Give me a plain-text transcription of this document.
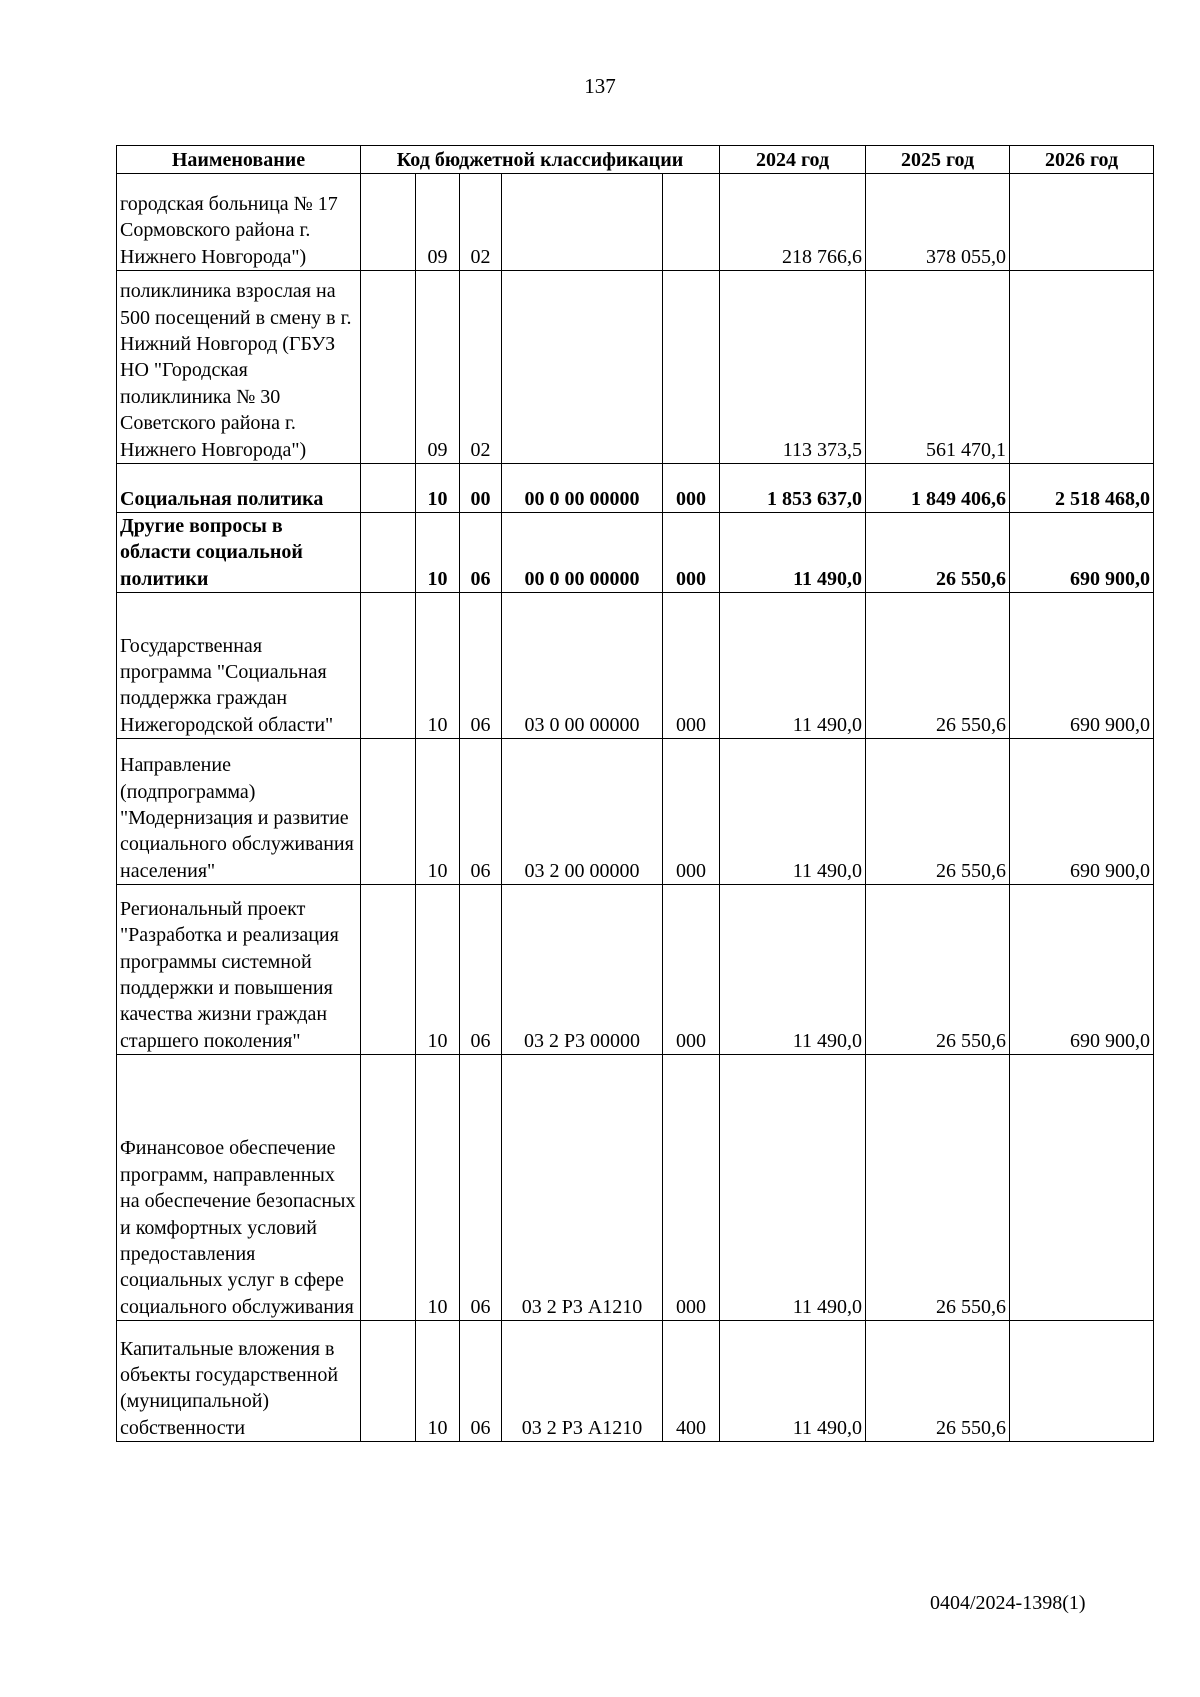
137
Наименование	Код бюджетной классификации					2024 год	2025 год	2026 год
городская больница № 17 Сормовского района г. Нижнего Новгорода")		09	02			218 766,6	378 055,0	
поликлиника взрослая на 500 посещений в смену в г. Нижний Новгород (ГБУЗ НО "Городская поликлиника № 30 Советского района г. Нижнего Новгорода")		09	02			113 373,5	561 470,1	
Социальная политика		10	00	00 0 00 00000	000	1 853 637,0	1 849 406,6	2 518 468,0
Другие вопросы в области социальной политики		10	06	00 0 00 00000	000	11 490,0	26 550,6	690 900,0
Государственная программа "Социальная поддержка граждан Нижегородской области"		10	06	03 0 00 00000	000	11 490,0	26 550,6	690 900,0
Направление (подпрограмма) "Модернизация и развитие социального обслуживания населения"		10	06	03 2 00 00000	000	11 490,0	26 550,6	690 900,0
Региональный проект "Разработка и реализация программы системной поддержки и повышения качества жизни граждан старшего поколения"		10	06	03 2 Р3 00000	000	11 490,0	26 550,6	690 900,0
Финансовое обеспечение программ, направленных на обеспечение безопасных и комфортных условий предоставления социальных услуг в сфере социального обслуживания		10	06	03 2 Р3 А1210	000	11 490,0	26 550,6	
Капитальные вложения в объекты государственной (муниципальной) собственности		10	06	03 2 Р3 А1210	400	11 490,0	26 550,6	
0404/2024-1398(1)
